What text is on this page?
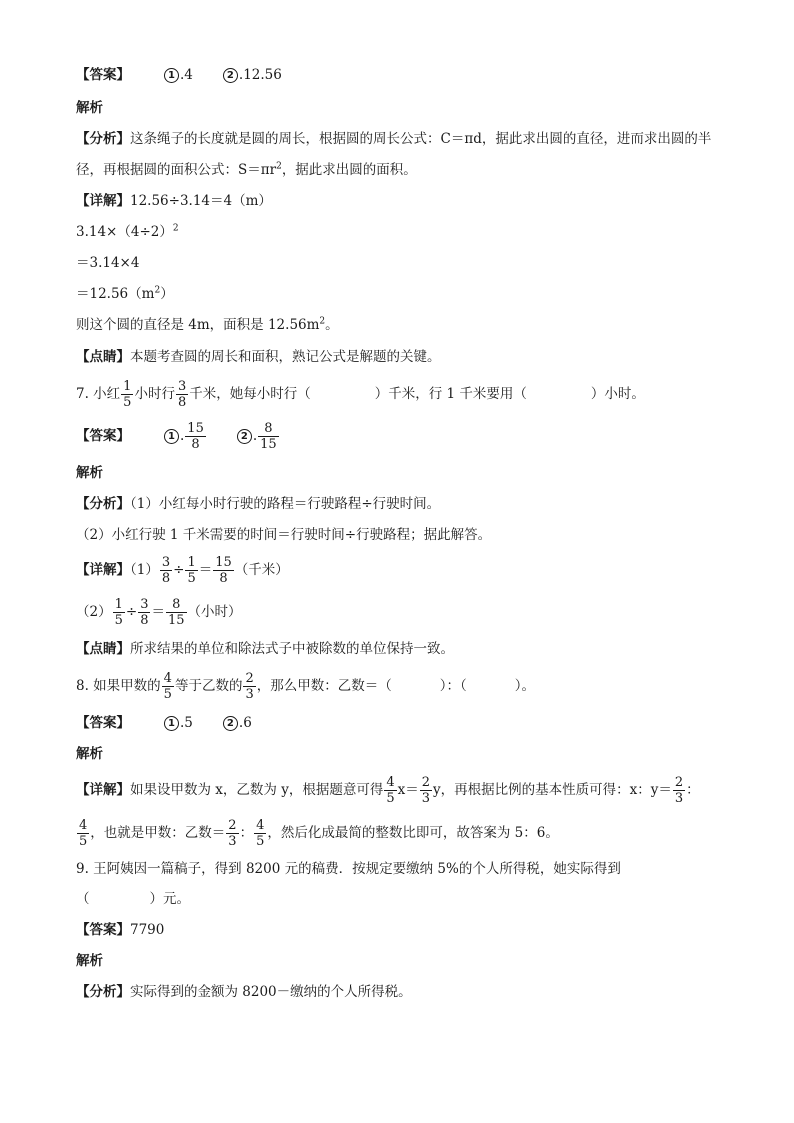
【答案】	1 .4	2 .12.56
解析
【分析】这条绳子的长度就是圆的周长，根据圆的周长公式：C＝πd，据此求出圆的直径，进而求出圆的半
径，再根据圆的面积公式：$S=\pi r^2$，据此求出圆的面积。
【详解】12.56÷3.14＝4（m）
$3.14\times(4\div 2)^2$
＝3.14×4
$=12.56(m^2)$
则这个圆的直径是 4m，面积是 $12.56m^2$。
【点睛】本题考查圆的周长和面积，熟记公式是解题的关键。
7. 小红 $\frac{1}{5}$ 小时行 $\frac{3}{8}$ 千米，她每小时行（	）千米，行 1 千米要用（	）小时。
【答案】	1 . $\frac{15}{8}$	2 . $\frac{8}{15}$
解析
【分析】（1）小红每小时行驶的路程＝行驶路程÷行驶时间。
（2）小红行驶 1 千米需要的时间＝行驶时间÷行驶路程；据此解答。
【详解】$(1) \frac{3}{8} \div \frac{1}{5} = \frac{15}{8}$ （千米）
$(2) \frac{1}{5} \div \frac{3}{8} = \frac{8}{15}$ （小时）
【点睛】所求结果的单位和除法式子中被除数的单位保持一致。
8. 如果甲数的 $\frac{4}{5}$ 等于乙数的 $\frac{2}{3}$ ，那么甲数：乙数＝（	）：（	）。
【答案】	1 .5	2 .6
解析
【详解】如果设甲数为 x，乙数为 y，根据题意可得 $\frac{4}{5} x= \frac{2}{3}$ y，再根据比例的基本性质可得：x：$y= \frac{2}{3}$ ：
$\frac{4}{5}$ ，也就是甲数：乙数＝ $\frac{2}{3}$ ： $\frac{4}{5}$ ，然后化成最简的整数比即可，故答案为 5：6。
9. 王阿姨因一篇稿子，得到 8200 元的稿费．按规定要缴纳 5%的个人所得税，她实际得到
（	）元。
【答案】7790
解析
【分析】实际得到的金额为 8200－缴纳的个人所得税。
